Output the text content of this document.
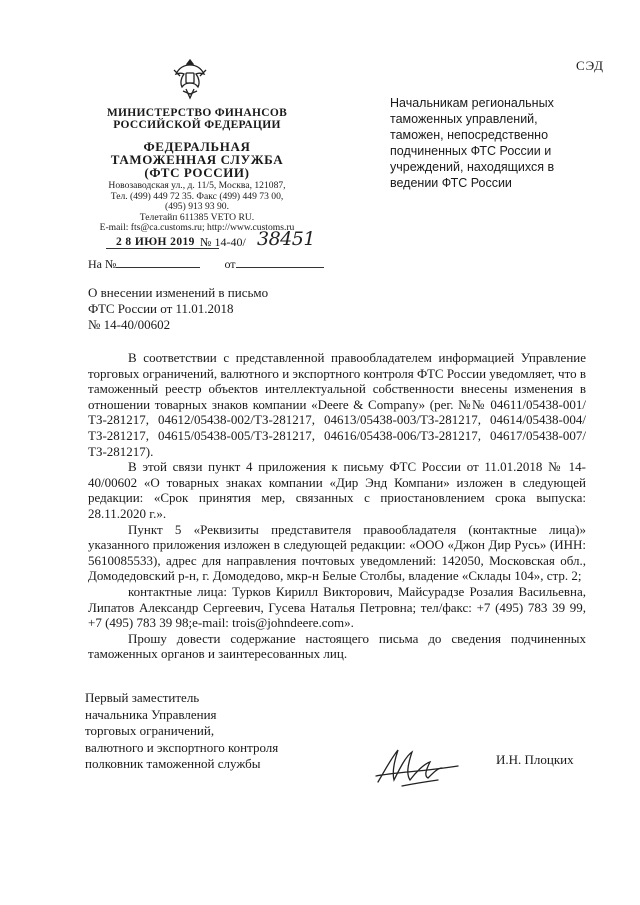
СЭД
МИНИСТЕРСТВО ФИНАНСОВ
РОССИЙСКОЙ ФЕДЕРАЦИИ
ФЕДЕРАЛЬНАЯ
ТАМОЖЕННАЯ СЛУЖБА
(ФТС РОССИИ)
Новозаводская ул., д. 11/5, Москва, 121087,
Тел. (499) 449 72 35. Факс (499) 449 73 00,
(495) 913 93 90.
Телетайп 611385 VETO RU.
E-mail: fts@ca.customs.ru; http://www.customs.ru
2 8 ИЮН 2019 № 14-40/ 38451
На №	от
Начальникам региональных
таможенных управлений,
таможен, непосредственно
подчиненных ФТС России и
учреждений, находящихся в
ведении ФТС России
О внесении изменений в письмо
ФТС России от 11.01.2018
№ 14-40/00602

В соответствии с представленной правообладателем информацией Управление торговых ограничений, валютного и экспортного контроля ФТС России уведомляет, что в таможенный реестр объектов интеллектуальной собственности внесены изменения в отношении товарных знаков компании «Deere & Company» (рег. №№ 04611/05438-001/ТЗ-281217, 04612/05438-002/ТЗ-281217, 04613/05438-003/ТЗ-281217, 04614/05438-004/ТЗ-281217, 04615/05438-005/ТЗ-281217, 04616/05438-006/ТЗ-281217, 04617/05438-007/ТЗ-281217).

В этой связи пункт 4 приложения к письму ФТС России от 11.01.2018 № 14-40/00602 «О товарных знаках компании «Дир Энд Компани» изложен в следующей редакции: «Срок принятия мер, связанных с приостановлением срока выпуска: 28.11.2020 г.».

Пункт 5 «Реквизиты представителя правообладателя (контактные лица)» указанного приложения изложен в следующей редакции: «ООО «Джон Дир Русь» (ИНН: 5610085533), адрес для направления почтовых уведомлений: 142050, Московская обл., Домодедовский р-н, г. Домодедово, мкр-н Белые Столбы, владение «Склады 104», стр. 2;

контактные лица: Турков Кирилл Викторович, Майсурадзе Розалия Васильевна, Липатов Александр Сергеевич, Гусева Наталья Петровна; тел/факс: +7 (495) 783 39 99, +7 (495) 783 39 98;e-mail: trois@johndeere.com».

Прошу довести содержание настоящего письма до сведения подчиненных таможенных органов и заинтересованных лиц.

Первый заместитель
начальника Управления
торговых ограничений,
валютного и экспортного контроля
полковник таможенной службы	И.Н. Плоцких
